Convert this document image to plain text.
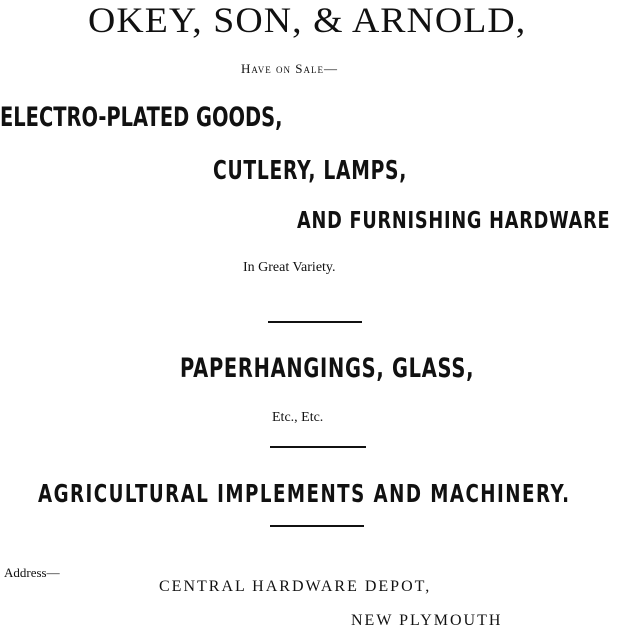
OKEY, SON, & ARNOLD,
Have on Sale—
ELECTRO-PLATED GOODS,
CUTLERY, LAMPS,
AND FURNISHING HARDWARE
In Great Variety.
PAPERHANGINGS, GLASS,
Etc., Etc.
AGRICULTURAL IMPLEMENTS AND MACHINERY.
Address—
CENTRAL HARDWARE DEPOT,
NEW PLYMOUTH
